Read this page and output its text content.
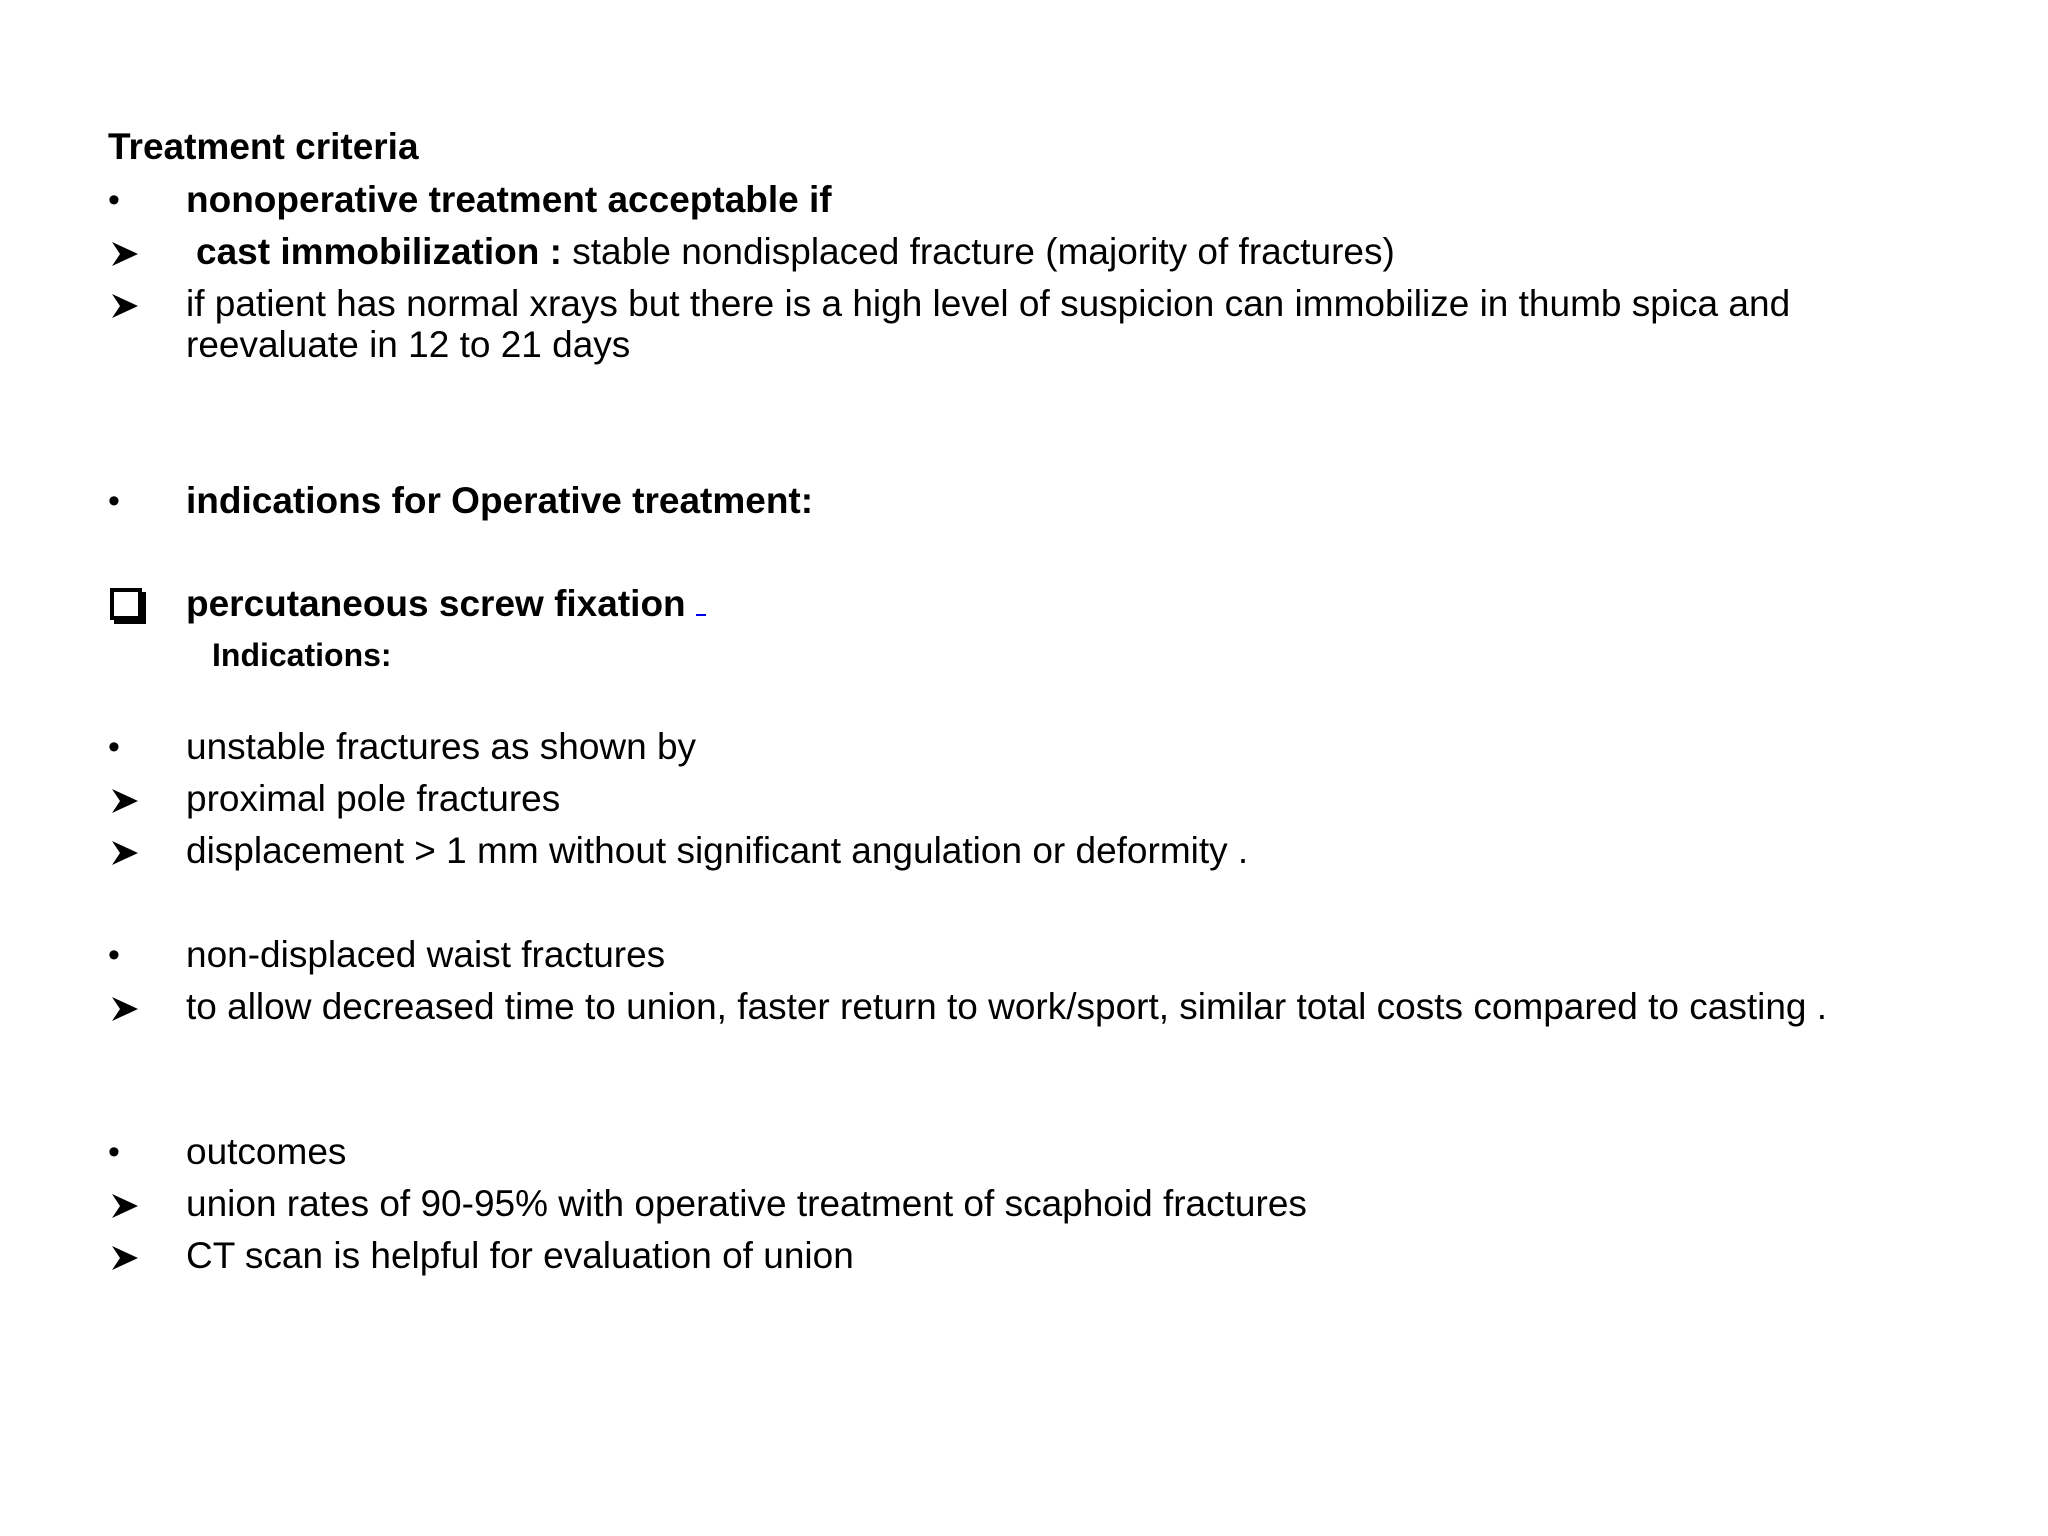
Treatment criteria
•	nonoperative treatment acceptable if
cast immobilization : stable nondisplaced fracture (majority of fractures)
if patient has normal xrays but there is a high level of suspicion can immobilize in thumb spica and reevaluate in 12 to 21 days
•	indications for Operative treatment:
percutaneous screw fixation
Indications:
•	unstable fractures as shown by
proximal pole fractures
displacement > 1 mm without significant angulation or deformity .
•	non-displaced waist fractures
to allow decreased time to union, faster return to work/sport, similar total costs compared to casting .
•	outcomes
union rates of 90-95% with operative treatment of scaphoid fractures
CT scan is helpful for evaluation of union
